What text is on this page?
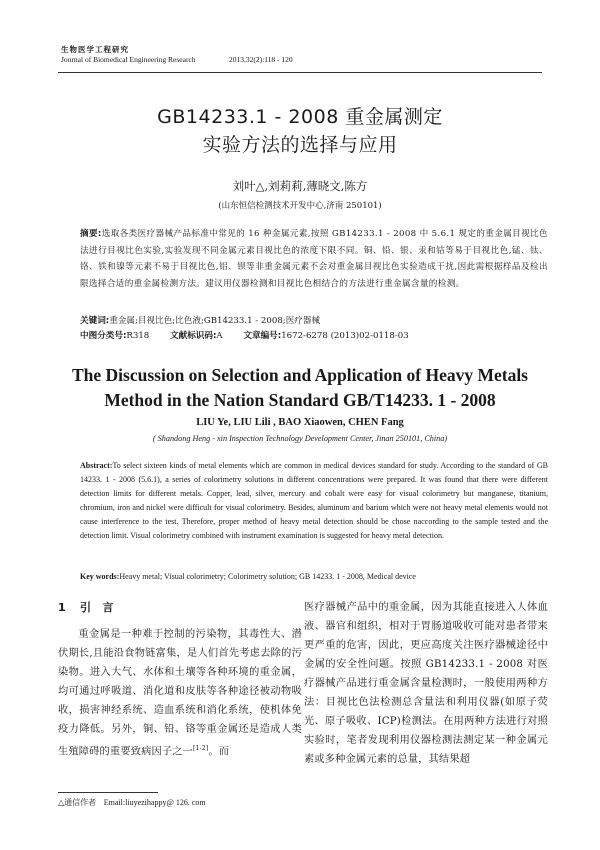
生物医学工程研究
Journal of Biomedical Engineering Research	2013,32(2):118 - 120
GB14233.1 - 2008 重金属测定
实验方法的选择与应用
刘叶△,刘莉莉,薄晓文,陈方
(山东恒信检测技术开发中心,济南 250101)
摘要:选取各类医疗器械产品标准中常见的 16 种金属元素,按照 GB14233.1 - 2008 中 5.6.1 规定的重金属目视比色法进行目视比色实验,实验发现不同金属元素目视比色的浓度下限不同。铜、铅、银、汞和钴等易于目视比色,锰、钛、铬、铁和镍等元素不易于目视比色,铝、钡等非重金属元素不会对重金属目视比色实验造成干扰,因此需根据样品及检出限选择合适的重金属检测方法。建议用仪器检测和目视比色相结合的方法进行重金属含量的检测。
关键词:重金属;目视比色;比色液;GB14233.1 - 2008;医疗器械
中图分类号:R318 文献标识码:A 文章编号:1672-6278 (2013)02-0118-03
The Discussion on Selection and Application of Heavy Metals
Method in the Nation Standard GB/T14233. 1 - 2008
LIU Ye, LIU Lili , BAO Xiaowen, CHEN Fang
( Shandong Heng - xin Inspection Technology Development Center, Jinan 250101, China)
Abstract:To select sixteen kinds of metal elements which are common in medical devices standard for study. According to the standard of GB 14233. 1 - 2008 (5.6.1), a series of colorimetry solutions in different concentrations were prepared. It was found that there were different detection limits for different metals. Copper, lead, silver, mercury and cobalt were easy for visual colorimetry but manganese, titanium, chromium, iron and nickel were difficult for visual colorimetry. Besides, aluminum and barium which were not heavy metal elements would not cause interference to the test. Therefore, proper method of heavy metal detection should be chose naccording to the sample tested and the detection limit. Visual colorimetry combined with instrument examination is suggested for heavy metal detection.
Key words:Heavy metal; Visual colorimetry; Colorimetry solution; GB 14233. 1 - 2008, Medical device
1 引　言

重金属是一种难于控制的污染物，其毒性大、潜伏期长,且能沿食物链富集，是人们首先考虑去除的污染物。进入大气、水体和土壤等各种环境的重金属，均可通过呼吸道、消化道和皮肤等各种途径被动物吸收，损害神经系统、造血系统和消化系统，使机体免疫力降低。另外，铜、铅、铬等重金属还是造成人类生殖障碍的重要致病因子之一[1-2]。而

医疗器械产品中的重金属，因为其能直接进入人体血液、器官和组织，相对于胃肠道吸收可能对患者带来更严重的危害，因此，更应高度关注医疗器械途径中金属的安全性问题。按照 GB14233.1 - 2008 对医疗器械产品进行重金属含量检测时，一般使用两种方法：目视比色法检测总含量法和利用仪器(如原子荧光、原子吸收、ICP)检测法。在用两种方法进行对照实验时，笔者发现利用仪器检测法测定某一种金属元素或多种金属元素的总量，其结果超

△通信作者 Email:liuyezihappy@ 126. com
